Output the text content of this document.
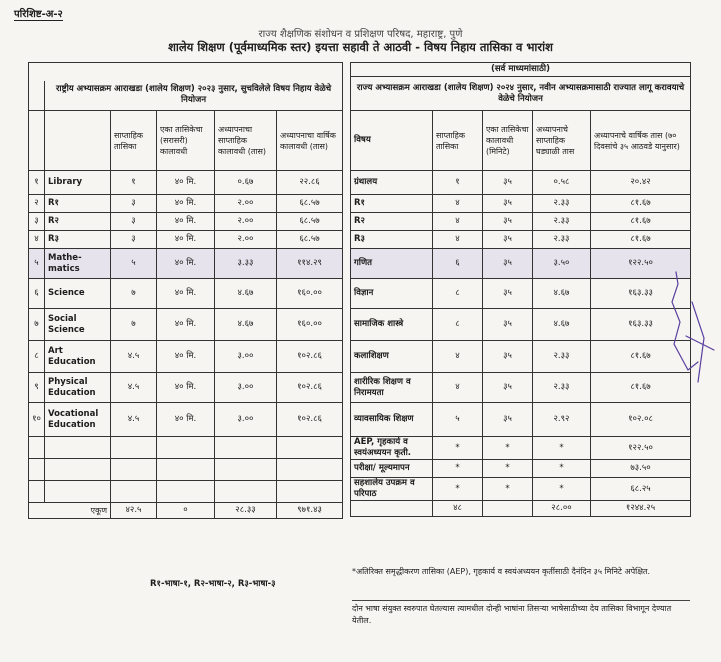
परिशिष्ट-अ-२
राज्य शैक्षणिक संशोधन व प्रशिक्षण परिषद, महाराष्ट्र, पुणे
शालेय शिक्षण (पूर्वमाध्यमिक स्तर) इयत्ता सहावी ते आठवी - विषय निहाय तासिका व भारांश

	राष्ट्रीय अभ्यासक्रम आराखडा (शालेय शिक्षण) २०२३ नुसार, सुचविलेले विषय निहाय वेळेचे नियोजन				
		साप्ताहिक तासिका	एका तासिकेचा (सरासरी) कालावधी	अध्यापनाचा साप्ताहिक कालावधी (तास)	अध्यापनाचा वार्षिक कालावधी (तास)
१	Library	१	४० मि.	०.६७	२२.८६
२	R१	३	४० मि.	२.००	६८.५७
३	R२	३	४० मि.	२.००	६८.५७
४	R३	३	४० मि.	२.००	६८.५७
५	Mathe- matics	५	४० मि.	३.३३	११४.२९
६	Science	७	४० मि.	४.६७	१६०.००
७	Social Science	७	४० मि.	४.६७	१६०.००
८	Art Education	४.५	४० मि.	३.००	१०२.८६
९	Physical Education	४.५	४० मि.	३.००	१०२.८६
१०	Vocational Education	४.५	४० मि.	३.००	१०२.८६

एकूण		४२.५	०	२८.३३	९७१.४३
R१-भाषा-१, R२-भाषा-२, R३-भाषा-३
(सर्व माध्यमांसाठी)				
राज्य अभ्यासक्रम आराखडा (शालेय शिक्षण) २०२४ नुसार, नवीन अभ्यासक्रमासाठी राज्यात लागू करावयाचे वेळेचे नियोजन				
विषय	साप्ताहिक तासिका	एका तासिकेचा कालावधी (मिनिटे)	अध्यापनाचे साप्ताहिक घड्याळी तास	अध्यापनाचे वार्षिक तास (७० दिवसांचे ३५ आठवडे यानुसार)
ग्रंथालय	१	३५	०.५८	२०.४२
R१	४	३५	२.३३	८१.६७
R२	४	३५	२.३३	८१.६७
R३	४	३५	२.३३	८१.६७
गणित	६	३५	३.५०	१२२.५०
विज्ञान	८	३५	४.६७	१६३.३३
सामाजिक शास्त्रे	८	३५	४.६७	१६३.३३
कलाशिक्षण	४	३५	२.३३	८१.६७
शारीरिक शिक्षण व निरामयता	४	३५	२.३३	८१.६७
व्यावसायिक शिक्षण	५	३५	२.९२	१०२.०८
AEP, गृहकार्य व स्वयंअध्ययन कृती.	*	*	*	१२२.५०
परीक्षा/ मूल्यमापन	*	*	*	७३.५०
सहशालेय उपक्रम व परिपाठ	*	*	*	६८.२५
	४८		२८.००	१२४४.२५
*अतिरिक्त समृद्धीकरण तासिका (AEP), गृहकार्य व स्वयंअध्ययन कृतींसाठी दैनंदिन ३५ मिनिटे अपेक्षित.
दोन भाषा संयुक्त स्वरुपात घेतल्यास त्यामधील दोन्ही भाषांना तिसऱ्या भाषेसाठीच्या देय तासिका विभागून देण्यात येतील.
